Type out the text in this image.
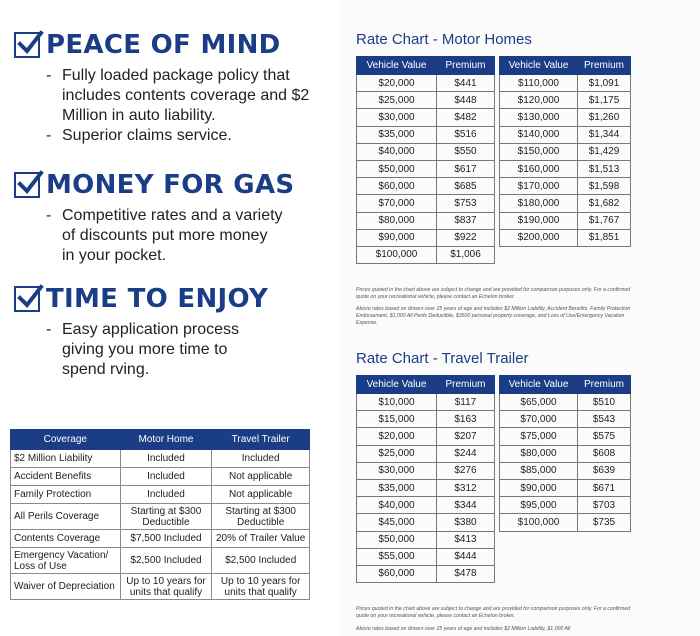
PEACE OF MIND
- Fully loaded package policy that includes contents coverage and $2 Million in auto liability.
- Superior claims service.
MONEY FOR GAS
- Competitive rates and a variety of discounts put more money in your pocket.
TIME TO ENJOY
- Easy application process giving you more time to spend rving.
Coverage	Motor Home	Travel Trailer
$2 Million Liability	Included	Included
Accident Benefits	Included	Not applicable
Family Protection	Included	Not applicable
All Perils Coverage	Starting at $300 Deductible	Starting at $300 Deductible
Contents Coverage	$7,500 Included	20% of Trailer Value
Emergency Vacation/ Loss of Use	$2,500 Included	$2,500 Included
Waiver of Depreciation	Up to 10 years for units that qualify	Up to 10 years for units that qualify
Rate Chart - Motor Homes
Vehicle Value	Premium
$20,000	$441
$25,000	$448
$30,000	$482
$35,000	$516
$40,000	$550
$50,000	$617
$60,000	$685
$70,000	$753
$80,000	$837
$90,000	$922
$100,000	$1,006
Vehicle Value	Premium
$110,000	$1,091
$120,000	$1,175
$130,000	$1,260
$140,000	$1,344
$150,000	$1,429
$160,000	$1,513
$170,000	$1,598
$180,000	$1,682
$190,000	$1,767
$200,000	$1,851
Prices quoted in the chart above are subject to change and are provided for comparison purposes only. For a confirmed quote on your recreational vehicle, please contact an Echelon broker.
Above rates based on drivers over 25 years of age and includes $2 Million Liability, Accident Benefits, Family Protection Endorsement, $1,000 All Perils Deductible, $3500 personal property coverage, and Loss of Use/Emergency Vacation Expense.
Rate Chart - Travel Trailer
Vehicle Value	Premium
$10,000	$117
$15,000	$163
$20,000	$207
$25,000	$244
$30,000	$276
$35,000	$312
$40,000	$344
$45,000	$380
$50,000	$413
$55,000	$444
$60,000	$478
Vehicle Value	Premium
$65,000	$510
$70,000	$543
$75,000	$575
$80,000	$608
$85,000	$639
$90,000	$671
$95,000	$703
$100,000	$735
Prices quoted in the chart above are subject to change and are provided for comparison purposes only. For a confirmed quote on your recreational vehicle, please contact an Echelon broker.
Above rates based on drivers over 25 years of age and includes $2 Million Liability, $1,000 All
